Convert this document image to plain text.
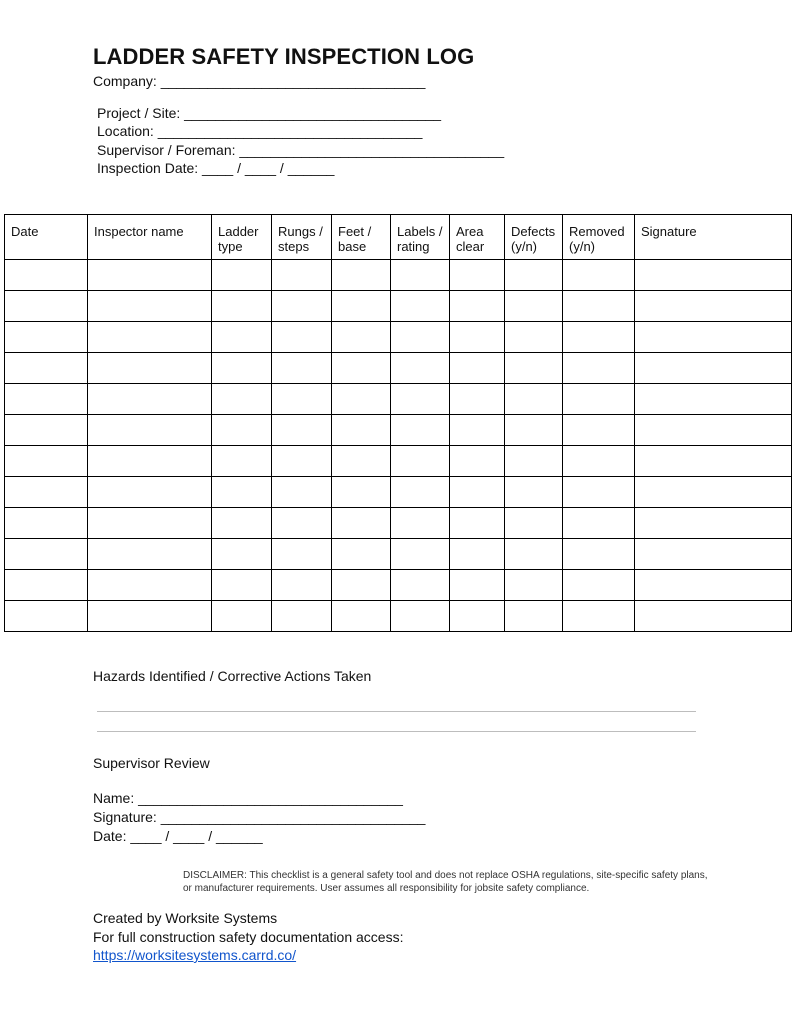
LADDER SAFETY INSPECTION LOG
Company: __________________________________
Project / Site: _________________________________
Location: __________________________________
Supervisor / Foreman: __________________________________
Inspection Date: ____ / ____ / ______
Date	Inspector name	Ladder type	Rungs / steps	Feet / base	Labels / rating	Area clear	Defects (y/n)	Removed (y/n)	Signature

Hazards Identified / Corrective Actions Taken
Supervisor Review
Name: __________________________________
Signature: __________________________________
Date: ____ / ____ / ______
DISCLAIMER: This checklist is a general safety tool and does not replace OSHA regulations, site-specific safety plans, or manufacturer requirements. User assumes all responsibility for jobsite safety compliance.
Created by Worksite Systems
For full construction safety documentation access:
https://worksitesystems.carrd.co/
